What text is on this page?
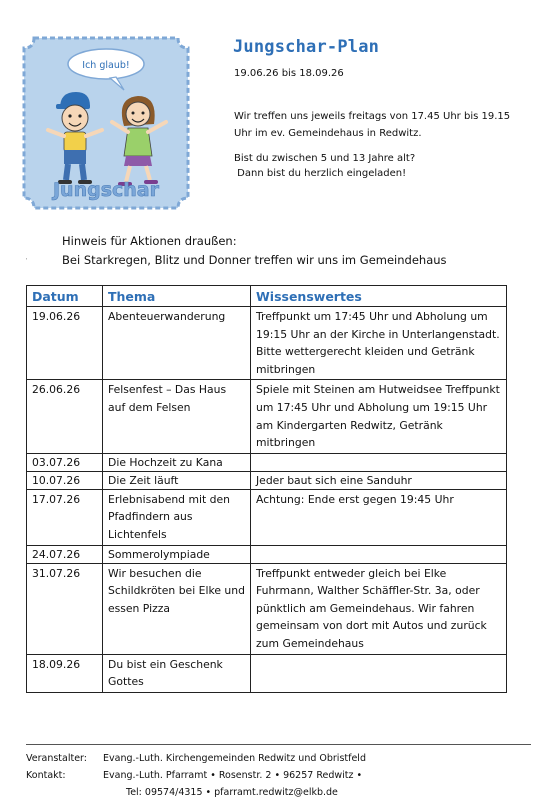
Ich glaub!
Jungschar
Jungschar-Plan
19.06.26 bis 18.09.26
Wir treffen uns jeweils freitags von 17.45 Uhr bis 19.15 Uhr im ev. Gemeindehaus in Redwitz.
Bist du zwischen 5 und 13 Jahre alt?
Dann bist du herzlich eingeladen!
Hinweis für Aktionen draußen:
Bei Starkregen, Blitz und Donner treffen wir uns im Gemeindehaus
'
Datum	Thema	Wissenswertes
19.06.26	Abenteuerwanderung	Treffpunkt um 17:45 Uhr und Abholung um 19:15 Uhr an der Kirche in Unterlangenstadt. Bitte wettergerecht kleiden und Getränk mitbringen
26.06.26	Felsenfest – Das Haus auf dem Felsen	Spiele mit Steinen am Hutweidsee Treffpunkt um 17:45 Uhr und Abholung um 19:15 Uhr am Kindergarten Redwitz, Getränk mitbringen
03.07.26	Die Hochzeit zu Kana	
10.07.26	Die Zeit läuft	Jeder baut sich eine Sanduhr
17.07.26	Erlebnisabend mit den Pfadfindern aus Lichtenfels	Achtung: Ende erst gegen 19:45 Uhr
24.07.26	Sommerolympiade	
31.07.26	Wir besuchen die Schildkröten bei Elke und essen Pizza	Treffpunkt entweder gleich bei Elke Fuhrmann, Walther Schäffler-Str. 3a, oder pünktlich am Gemeindehaus. Wir fahren gemeinsam von dort mit Autos und zurück zum Gemeindehaus
18.09.26	Du bist ein Geschenk Gottes	
Veranstalter: Evang.-Luth. Kirchengemeinden Redwitz und Obristfeld
Kontakt:	Evang.-Luth. Pfarramt • Rosenstr. 2 • 96257 Redwitz •
Tel: 09574/4315 • pfarramt.redwitz@elkb.de
